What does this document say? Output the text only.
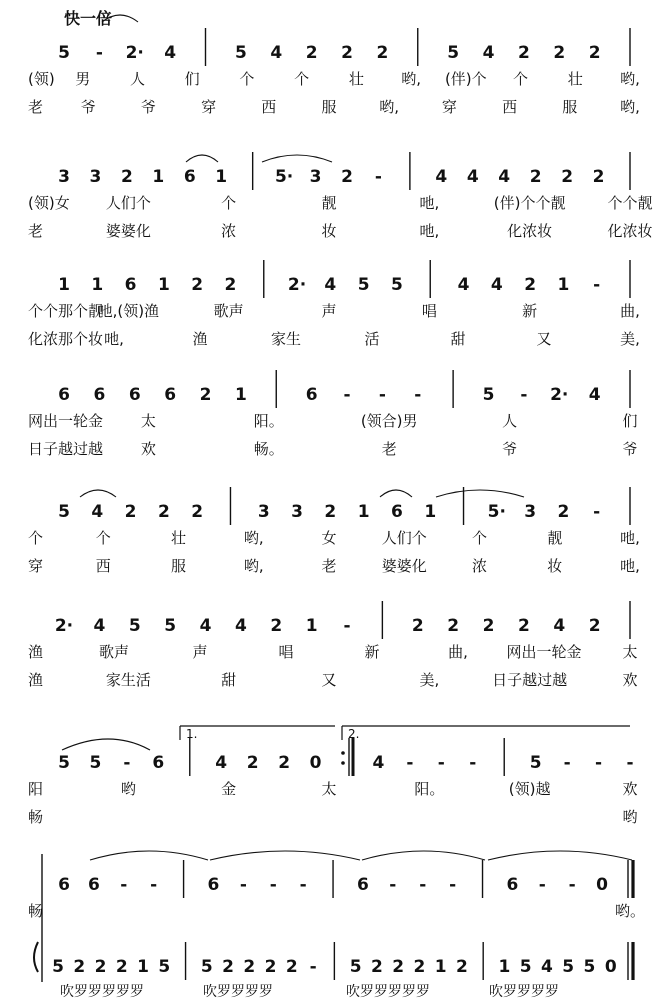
快一倍
5 - 2· 4	5 4 2 2 2	5 4 2 2 2
(领) 男	人	们	个	个	壮 哟, (伴)个 个	壮 哟,
老	爷	爷	穿	西	服	哟,	穿	西	服	哟,
3 3 2 1 6 1	5· 3 2 -	4 4 4 2 2 2
(领)女 人们个	个	靓	吔,	(伴)个个靓	个个靓
老	婆婆化	浓	妆	吔,	化浓妆	化浓妆
1 1 6 1 2 2	2· 4 5 5	4 4 2 1 -
个个那个靓
吔,(领)渔	歌声	声	唱	新	曲,
化浓那个妆 吔,	渔	家生	活	甜	又	美,
6 6 6 6 2 1	6 - - -	5 - 2· 4
网出一轮金	太	阳。	(领合)男	人	们
日子越过越	欢	畅。	老	爷	爷
5 4 2 2 2	3 3 2 1 6 1	5· 3 2 -
个	个	壮	哟,	女	人们个	个	靓	吔,
穿	西	服	哟,	老	婆婆化	浓	妆	吔,
2· 4 5 5 4 4 2 1 -	2 2 2 2 4 2
渔	歌声	声	唱	新	曲,	网出一轮金	太
渔	家生活	甜	又	美,	日子越过越	欢
5 5 - 6	4 2 2 0	4 - - -	5 - - -
阳	哟	金	太	阳。	(领)越	欢
畅	哟
1.	2.
6 6 - -	6 - - -	6 - - -	6 - - 0
畅	哟。
5 2 2 2 1 5 5 2 2 2 2 - 5 2 2 2 1 2 1 5 4 5 5 0
吹罗罗罗罗罗	吹罗罗罗罗	吹罗罗罗罗罗	吹罗罗罗罗
